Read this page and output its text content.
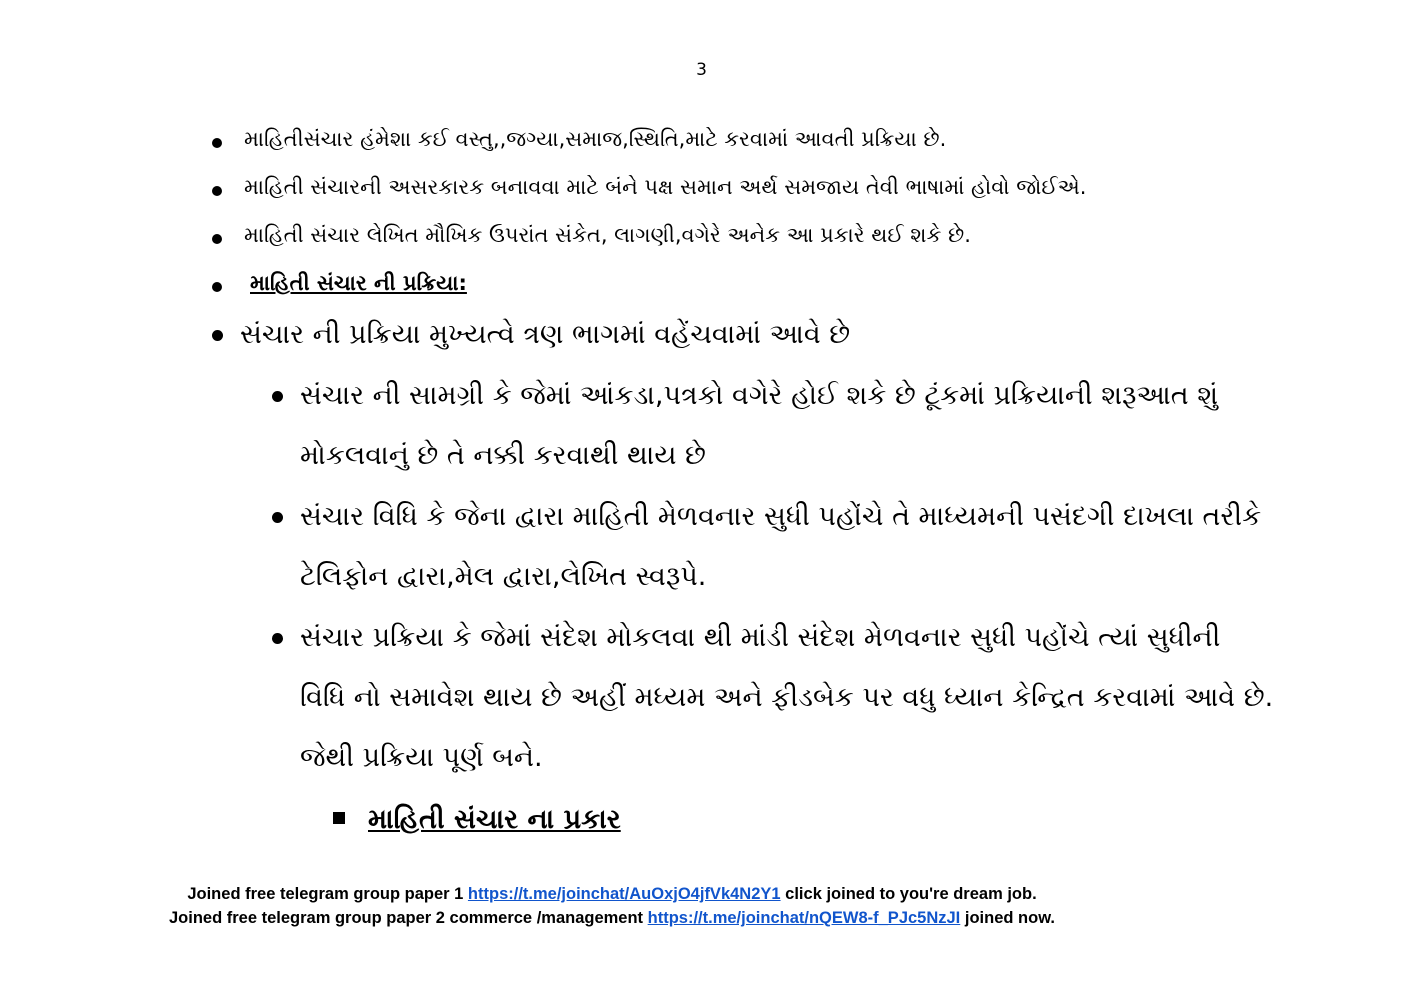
3
માહિતીસંચાર હંમેશા કઈ વસ્તુ,,જગ્યા,સમાજ,સ્થિતિ,માટે કરવામાં આવતી પ્રક્રિયા છે.
માહિતી સંચારની અસરકારક બનાવવા માટે બંને પક્ષ સમાન અર્થ સમજાય તેવી ભાષામાં હોવો જોઈએ.
માહિતી સંચાર લેખિત મૌખિક ઉપરાંત સંકેત, લાગણી,વગેરે અનેક આ પ્રકારે થઈ શકે છે.
માહિતી સંચાર ની પ્રક્રિયા:
સંચાર ની પ્રક્રિયા મુખ્યત્વે ત્રણ ભાગમાં વહેંચવામાં આવે છે
સંચાર ની સામગ્રી કે જેમાં આંકડા,પત્રકો વગેરે હોઈ શકે છે ટૂંકમાં પ્રક્રિયાની શરૂઆત શું
મોકલવાનું છે તે નક્કી કરવાથી થાય છે
સંચાર વિધિ કે જેના દ્વારા માહિતી મેળવનાર સુધી પહોંચે તે માધ્યમની પસંદગી દાખલા તરીકે
ટેલિફોન દ્વારા,મેલ દ્વારા,લેખિત સ્વરૂપે.
સંચાર પ્રક્રિયા કે જેમાં સંદેશ મોકલવા થી માંડી સંદેશ મેળવનાર સુધી પહોંચે ત્યાં સુધીની
વિધિ નો સમાવેશ થાય છે અહીં મધ્યમ અને ફીડબેક પર વધુ ધ્યાન કેન્દ્રિત કરવામાં આવે છે.
જેથી પ્રક્રિયા પૂર્ણ બને.
માહિતી સંચાર ના પ્રકાર
Joined free telegram group paper 1 https://t.me/joinchat/AuOxjO4jfVk4N2Y1 click joined to you're dream job.
Joined free telegram group paper 2 commerce /management https://t.me/joinchat/nQEW8-f_PJc5NzJI joined now.
